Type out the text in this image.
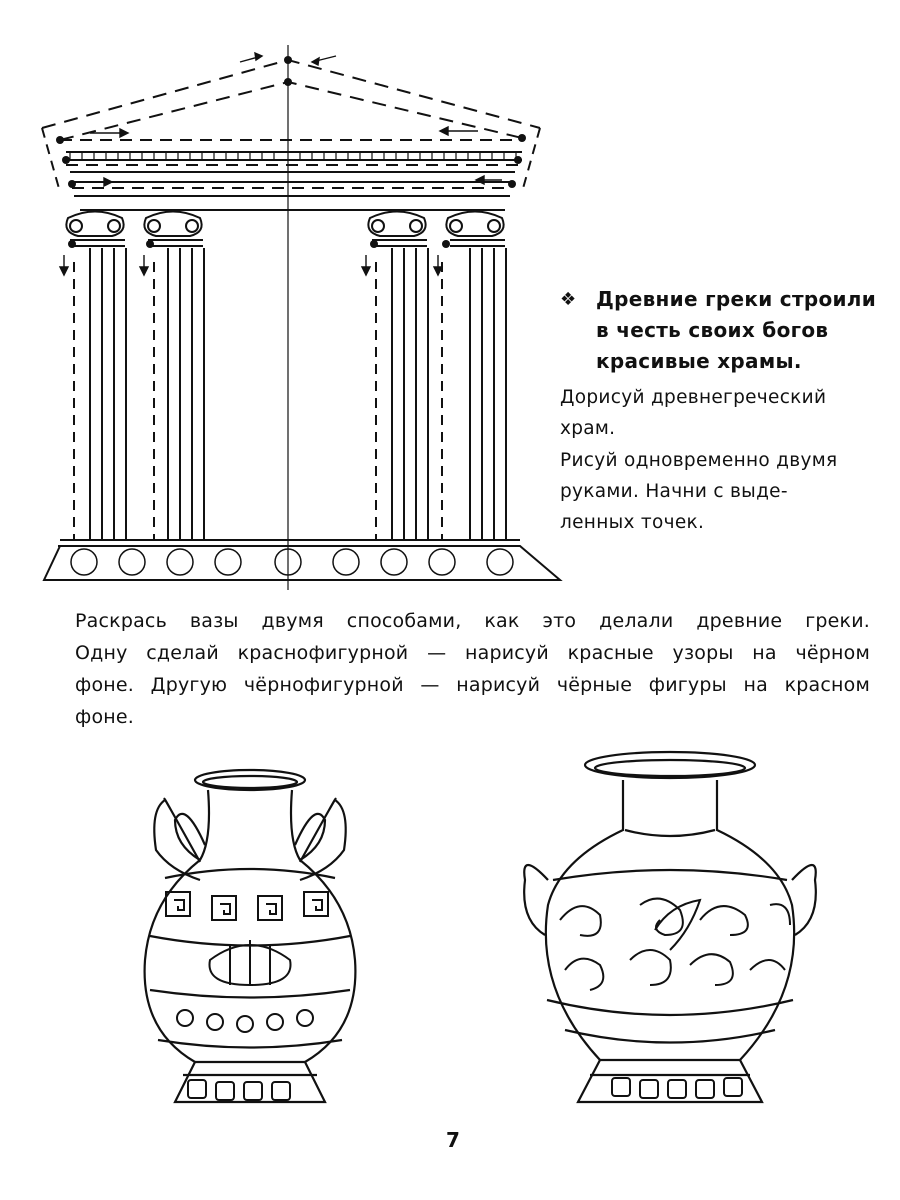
❖ Древние греки строили
в честь своих богов
красивые храмы.

Дорисуй древнегреческий
храм.

Рисуй одновременно двумя
руками. Начни с выде-
ленных точек.

Раскрась вазы двумя способами, как это делали древние греки.
Одну сделай краснофигурной — нарисуй красные узоры на чёрном
фоне. Другую чёрнофигурной — нарисуй чёрные фигуры на красном
фоне.
7
